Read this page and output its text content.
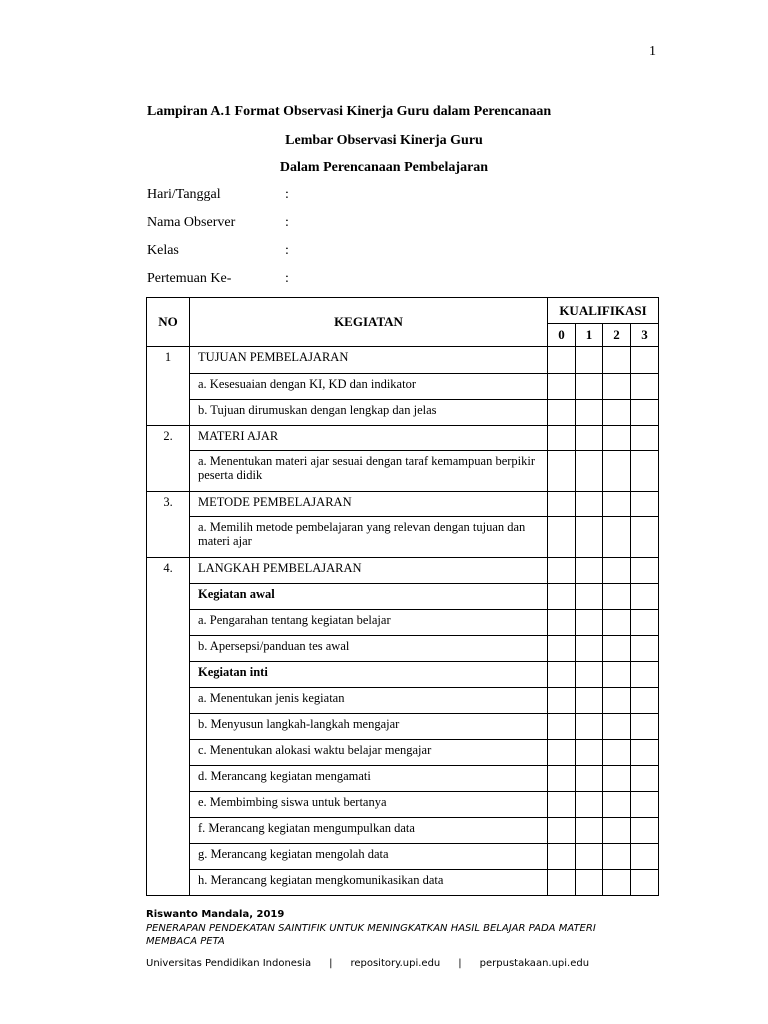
1
Lampiran A.1 Format Observasi Kinerja Guru dalam Perencanaan
Lembar Observasi Kinerja Guru
Dalam Perencanaan Pembelajaran
Hari/Tanggal	:
Nama Observer	:
Kelas	:
Pertemuan Ke-	:
NO	KEGIATAN	KUALIFIKASI			
		0	1	2	3
1	TUJUAN PEMBELAJARAN				
	a. Kesesuaian dengan KI, KD dan indikator				
	b. Tujuan dirumuskan dengan lengkap dan jelas				
2.	MATERI AJAR				
	a. Menentukan materi ajar sesuai dengan taraf kemampuan berpikir peserta didik				
3.	METODE PEMBELAJARAN				
	a. Memilih metode pembelajaran yang relevan dengan tujuan dan materi ajar				
4.	LANGKAH PEMBELAJARAN				
	Kegiatan awal				
	a. Pengarahan tentang kegiatan belajar				
	b. Apersepsi/panduan tes awal				
	Kegiatan inti				
	a. Menentukan jenis kegiatan				
	b. Menyusun langkah-langkah mengajar				
	c. Menentukan alokasi waktu belajar mengajar				
	d. Merancang kegiatan mengamati				
	e. Membimbing siswa untuk bertanya				
	f. Merancang kegiatan mengumpulkan data				
	g. Merancang kegiatan mengolah data				
	h. Merancang kegiatan mengkomunikasikan data				
Riswanto Mandala, 2019
PENERAPAN PENDEKATAN SAINTIFIK UNTUK MENINGKATKAN HASIL BELAJAR PADA MATERI MEMBACA PETA
Universitas Pendidikan Indonesia | repository.upi.edu | perpustakaan.upi.edu
